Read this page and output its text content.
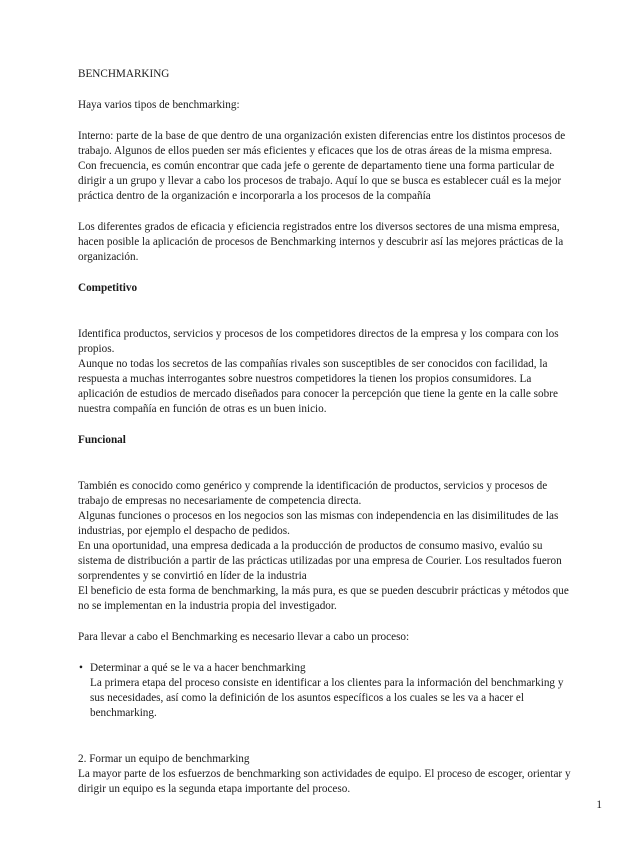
BENCHMARKING

Haya varios tipos de benchmarking:

Interno: parte de la base de que dentro de una organización existen diferencias entre los distintos procesos de

trabajo. Algunos de ellos pueden ser más eficientes y eficaces que los de otras áreas de la misma empresa.

Con frecuencia, es común encontrar que cada jefe o gerente de departamento tiene una forma particular de

dirigir a un grupo y llevar a cabo los procesos de trabajo. Aquí lo que se busca es establecer cuál es la mejor

práctica dentro de la organización e incorporarla a los procesos de la compañía

Los diferentes grados de eficacia y eficiencia registrados entre los diversos sectores de una misma empresa,

hacen posible la aplicación de procesos de Benchmarking internos y descubrir así las mejores prácticas de la

organización.

Competitivo

Identifica productos, servicios y procesos de los competidores directos de la empresa y los compara con los

propios.

Aunque no todas los secretos de las compañías rivales son susceptibles de ser conocidos con facilidad, la

respuesta a muchas interrogantes sobre nuestros competidores la tienen los propios consumidores. La

aplicación de estudios de mercado diseñados para conocer la percepción que tiene la gente en la calle sobre

nuestra compañía en función de otras es un buen inicio.

Funcional

También es conocido como genérico y comprende la identificación de productos, servicios y procesos de

trabajo de empresas no necesariamente de competencia directa.

Algunas funciones o procesos en los negocios son las mismas con independencia en las disimilitudes de las

industrias, por ejemplo el despacho de pedidos.

En una oportunidad, una empresa dedicada a la producción de productos de consumo masivo, evalúo su

sistema de distribución a partir de las prácticas utilizadas por una empresa de Courier. Los resultados fueron

sorprendentes y se convirtió en líder de la industria

El beneficio de esta forma de benchmarking, la más pura, es que se pueden descubrir prácticas y métodos que

no se implementan en la industria propia del investigador.

Para llevar a cabo el Benchmarking es necesario llevar a cabo un proceso:

• Determinar a qué se le va a hacer benchmarking

La primera etapa del proceso consiste en identificar a los clientes para la información del benchmarking y

sus necesidades, así como la definición de los asuntos específicos a los cuales se les va a hacer el

benchmarking.

2. Formar un equipo de benchmarking

La mayor parte de los esfuerzos de benchmarking son actividades de equipo. El proceso de escoger, orientar y

dirigir un equipo es la segunda etapa importante del proceso.

1
